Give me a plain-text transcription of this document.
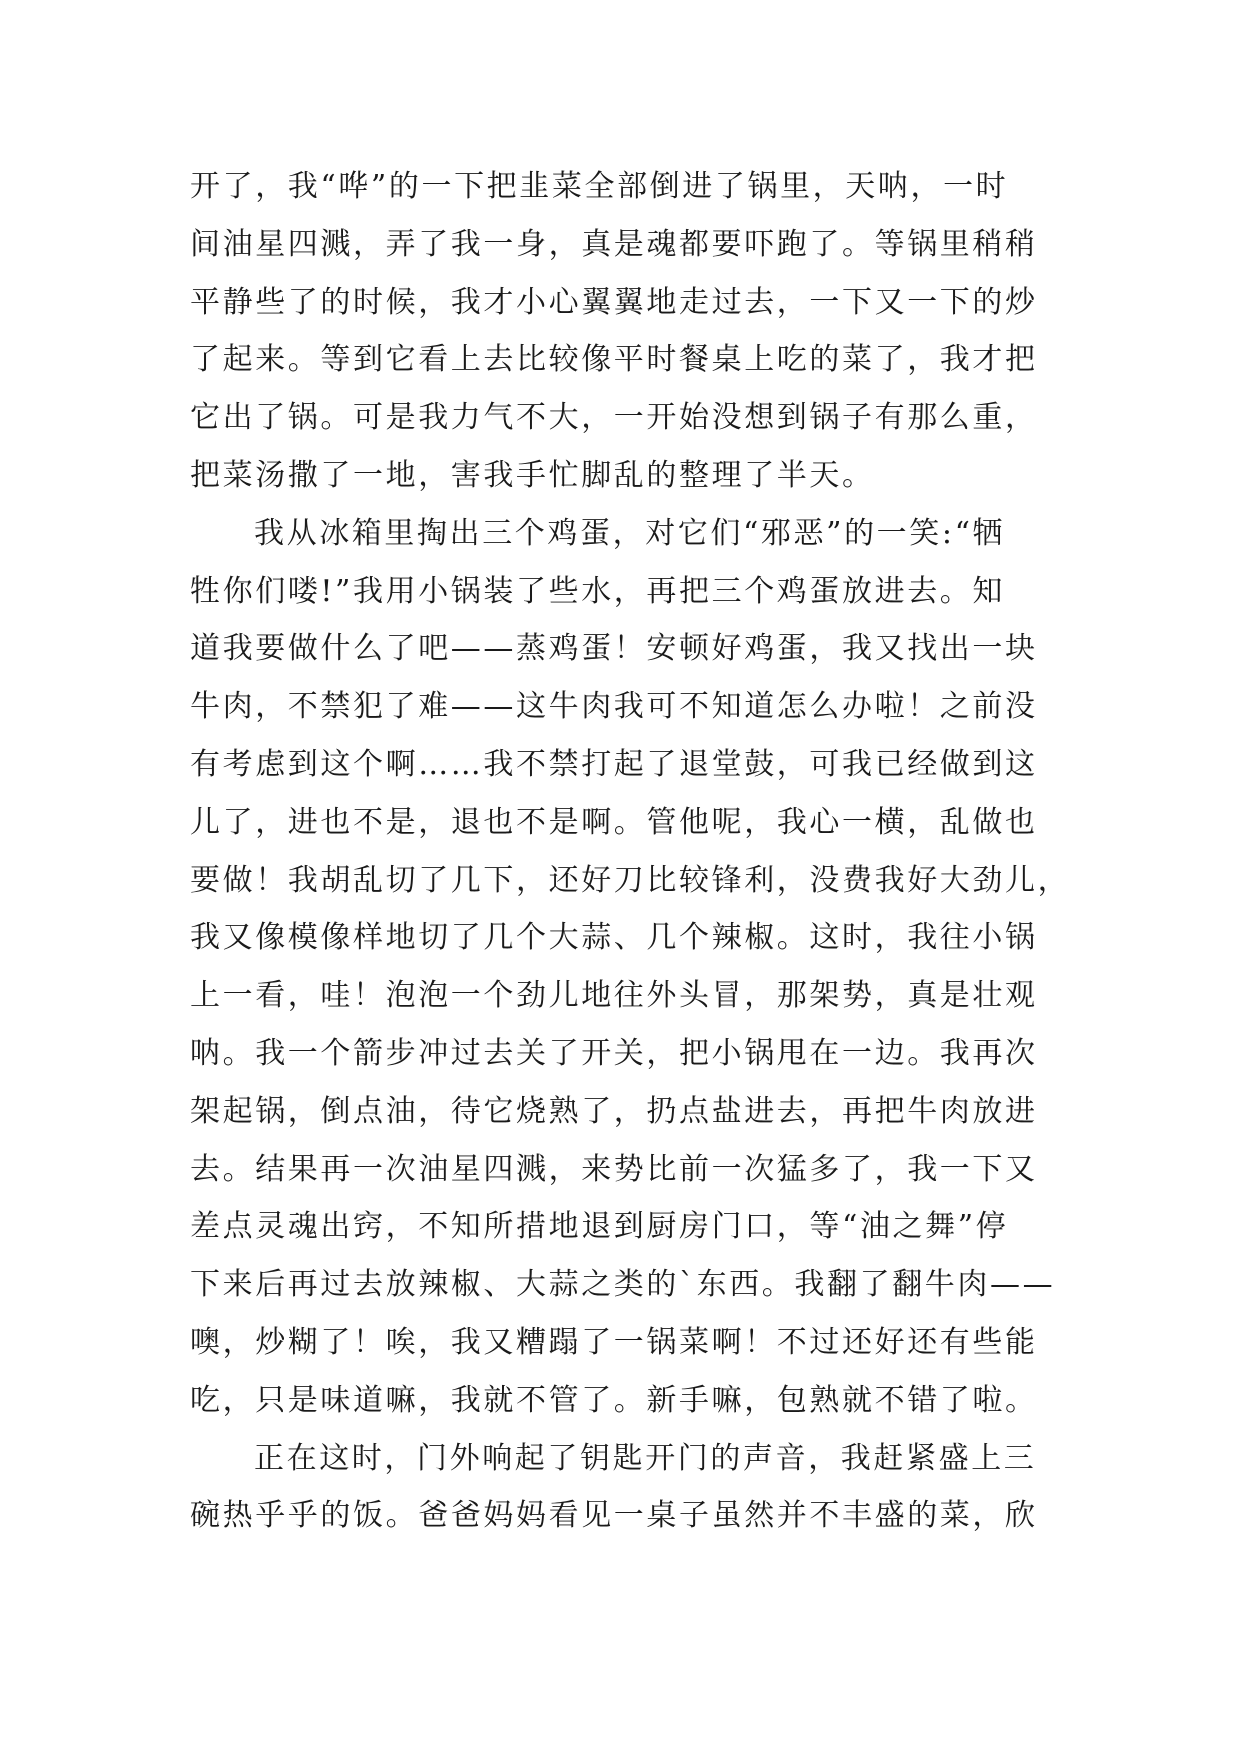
开了，我“哗”的一下把韭菜全部倒进了锅里，天呐，一时
间油星四溅，弄了我一身，真是魂都要吓跑了。等锅里稍稍
平静些了的时候，我才小心翼翼地走过去，一下又一下的炒
了起来。等到它看上去比较像平时餐桌上吃的菜了，我才把
它出了锅。可是我力气不大，一开始没想到锅子有那么重，
把菜汤撒了一地，害我手忙脚乱的整理了半天。
我从冰箱里掏出三个鸡蛋，对它们“邪恶”的一笑:“牺
牲你们喽!”我用小锅装了些水，再把三个鸡蛋放进去。知
道我要做什么了吧——蒸鸡蛋！安顿好鸡蛋，我又找出一块
牛肉，不禁犯了难——这牛肉我可不知道怎么办啦！之前没
有考虑到这个啊……我不禁打起了退堂鼓，可我已经做到这
儿了，进也不是，退也不是啊。管他呢，我心一横，乱做也
要做！我胡乱切了几下，还好刀比较锋利，没费我好大劲儿，
我又像模像样地切了几个大蒜、几个辣椒。这时，我往小锅
上一看，哇！泡泡一个劲儿地往外头冒，那架势，真是壮观
呐。我一个箭步冲过去关了开关，把小锅甩在一边。我再次
架起锅，倒点油，待它烧熟了，扔点盐进去，再把牛肉放进
去。结果再一次油星四溅，来势比前一次猛多了，我一下又
差点灵魂出窍，不知所措地退到厨房门口，等“油之舞”停
下来后再过去放辣椒、大蒜之类的`东西。我翻了翻牛肉——
噢，炒糊了！唉，我又糟蹋了一锅菜啊！不过还好还有些能
吃，只是味道嘛，我就不管了。新手嘛，包熟就不错了啦。
正在这时，门外响起了钥匙开门的声音，我赶紧盛上三
碗热乎乎的饭。爸爸妈妈看见一桌子虽然并不丰盛的菜，欣
